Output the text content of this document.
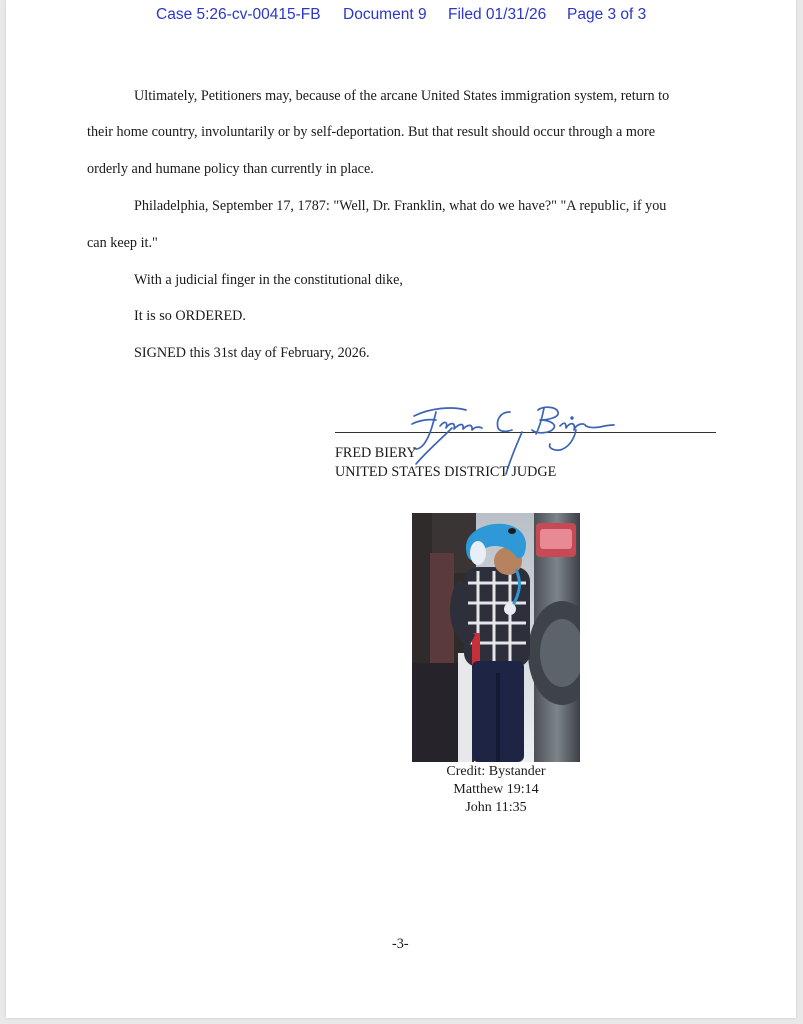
Case 5:26-cv-00415-FB Document 9 Filed 01/31/26 Page 3 of 3
Ultimately, Petitioners may, because of the arcane United States immigration system, return to
their home country, involuntarily or by self-deportation. But that result should occur through a more
orderly and humane policy than currently in place.
Philadelphia, September 17, 1787: "Well, Dr. Franklin, what do we have?" "A republic, if you
can keep it."
With a judicial finger in the constitutional dike,
It is so ORDERED.
SIGNED this 31st day of February, 2026.
FRED BIERY
UNITED STATES DISTRICT JUDGE
Credit: Bystander
Matthew 19:14
John 11:35
-3-
